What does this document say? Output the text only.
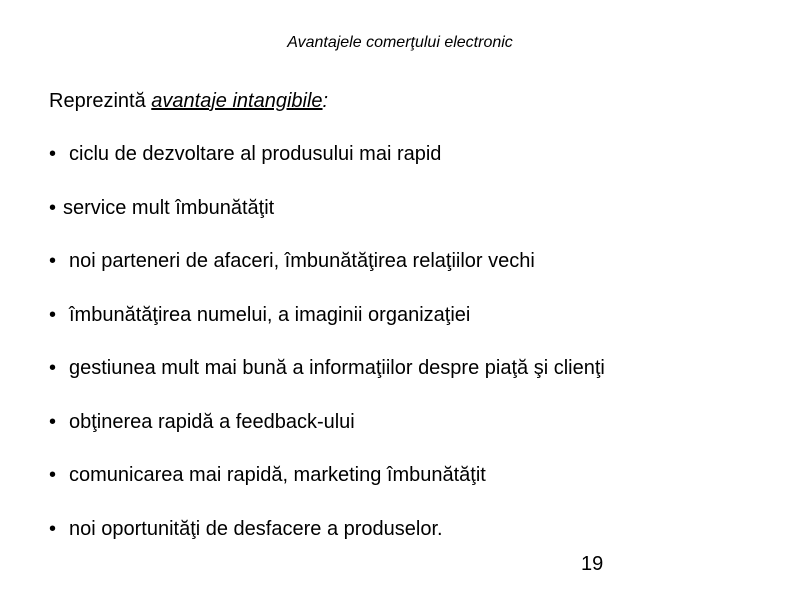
Avantajele comerţului electronic
Reprezintă avantaje intangibile:
• ciclu de dezvoltare al produsului mai rapid
• service mult îmbunătăţit
• noi parteneri de afaceri, îmbunătăţirea relaţiilor vechi
• îmbunătăţirea numelui, a imaginii organizaţiei
• gestiunea mult mai bună a informaţiilor despre piaţă şi clienţi
• obţinerea rapidă a feedback-ului
• comunicarea mai rapidă, marketing îmbunătăţit
• noi oportunităţi de desfacere a produselor.
19
